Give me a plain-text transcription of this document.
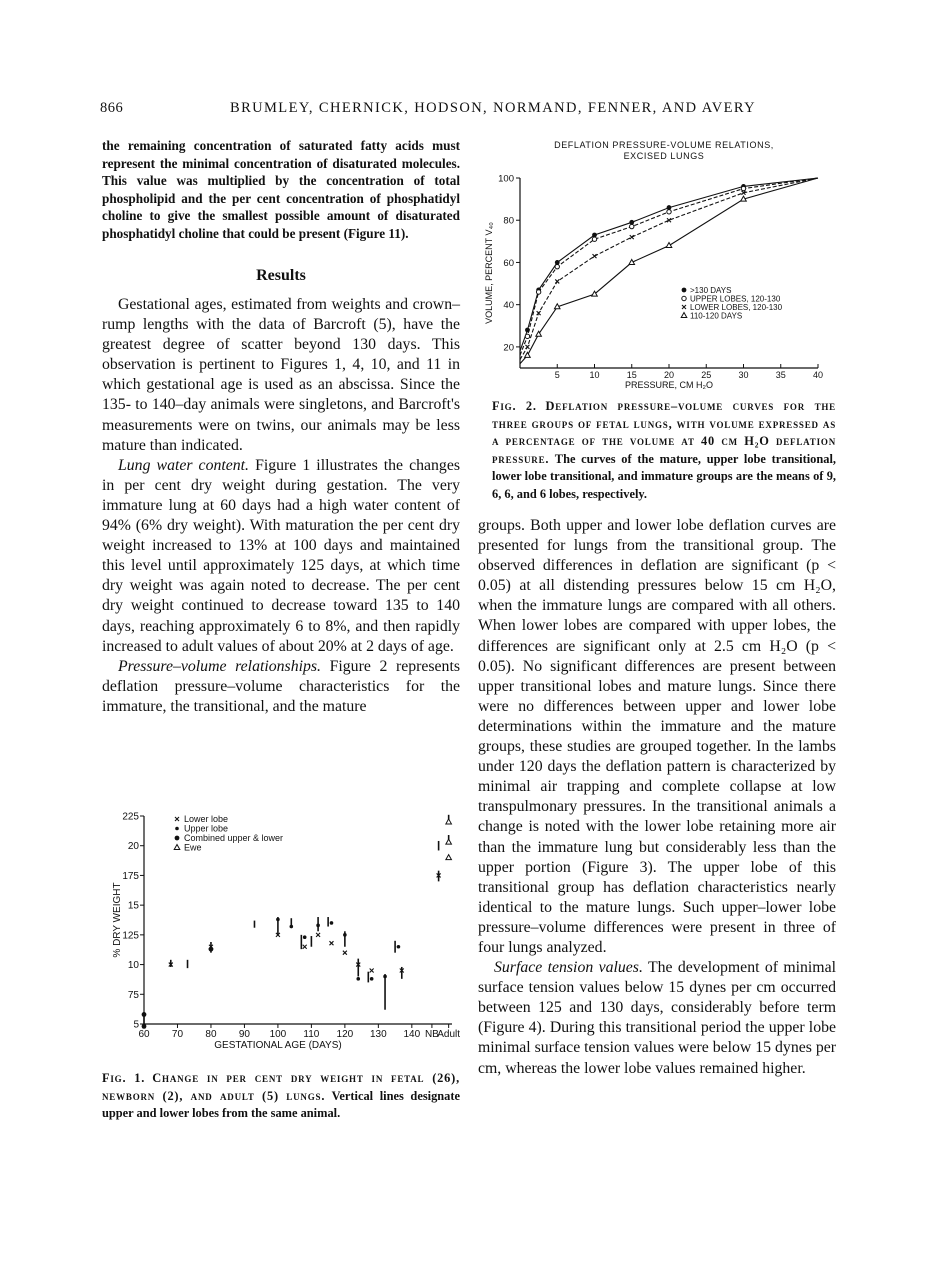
866	BRUMLEY, CHERNICK, HODSON, NORMAND, FENNER, AND AVERY
the remaining concentration of saturated fatty acids must represent the minimal concentration of disaturated molecules. This value was multiplied by the concentration of total phospholipid and the per cent concentration of phosphatidyl choline to give the smallest possible amount of disaturated phosphatidyl choline that could be present (Figure 11).
Results

Gestational ages, estimated from weights and crown–rump lengths with the data of Barcroft (5), have the greatest degree of scatter beyond 130 days. This observation is pertinent to Figures 1, 4, 10, and 11 in which gestational age is used as an abscissa. Since the 135- to 140–day animals were singletons, and Barcroft's measurements were on twins, our animals may be less mature than indicated.

Lung water content. Figure 1 illustrates the changes in per cent dry weight during gestation. The very immature lung at 60 days had a high water content of 94% (6% dry weight). With maturation the per cent dry weight increased to 13% at 100 days and maintained this level until approximately 125 days, at which time dry weight was again noted to decrease. The per cent dry weight continued to decrease toward 135 to 140 days, reaching approximately 6 to 8%, and then rapidly increased to adult values of about 20% at 2 days of age.

Pressure–volume relationships. Figure 2 represents deflation pressure–volume characteristics for the immature, the transitional, and the mature

5
75
10
125
15
175
20
225
60 70 80 90 100 110 120 130 140 NB
Adult
GESTATIONAL AGE (DAYS)
% DRY WEIGHT
Lower lobe
Upper lobe
Combined upper & lower
Ewe
Fig. 1. Change in per cent dry weight in fetal (26), newborn (2), and adult (5) lungs. Vertical lines designate upper and lower lobes from the same animal.
DEFLATION PRESSURE-VOLUME RELATIONS,
EXCISED LUNGS
20
40
60
80
100
5	10	15	20	25	30	35	40
PRESSURE, CM H₂O
VOLUME, PERCENT V₄₀	>130 DAYS
UPPER LOBES, 120-130
LOWER LOBES, 120-130
110-120 DAYS
Fig. 2. Deflation pressure–volume curves for the three groups of fetal lungs, with volume expressed as a percentage of the volume at 40 cm H₂O deflation pressure. The curves of the mature, upper lobe transitional, lower lobe transitional, and immature groups are the means of 9, 6, 6, and 6 lobes, respectively.

groups. Both upper and lower lobe deflation curves are presented for lungs from the transitional group. The observed differences in deflation are significant (p < 0.05) at all distending pressures below 15 cm H₂O, when the immature lungs are compared with all others. When lower lobes are compared with upper lobes, the differences are significant only at 2.5 cm H₂O (p < 0.05). No significant differences are present between upper transitional lobes and mature lungs. Since there were no differences between upper and lower lobe determinations within the immature and the mature groups, these studies are grouped together. In the lambs under 120 days the deflation pattern is characterized by minimal air trapping and complete collapse at low transpulmonary pressures. In the transitional animals a change is noted with the lower lobe retaining more air than the immature lung but considerably less than the upper portion (Figure 3). The upper lobe of this transitional group has deflation characteristics nearly identical to the mature lungs. Such upper–lower lobe pressure–volume differences were present in three of four lungs analyzed.

Surface tension values. The development of minimal surface tension values below 15 dynes per cm occurred between 125 and 130 days, considerably before term (Figure 4). During this transitional period the upper lobe minimal surface tension values were below 15 dynes per cm, whereas the lower lobe values remained higher.
